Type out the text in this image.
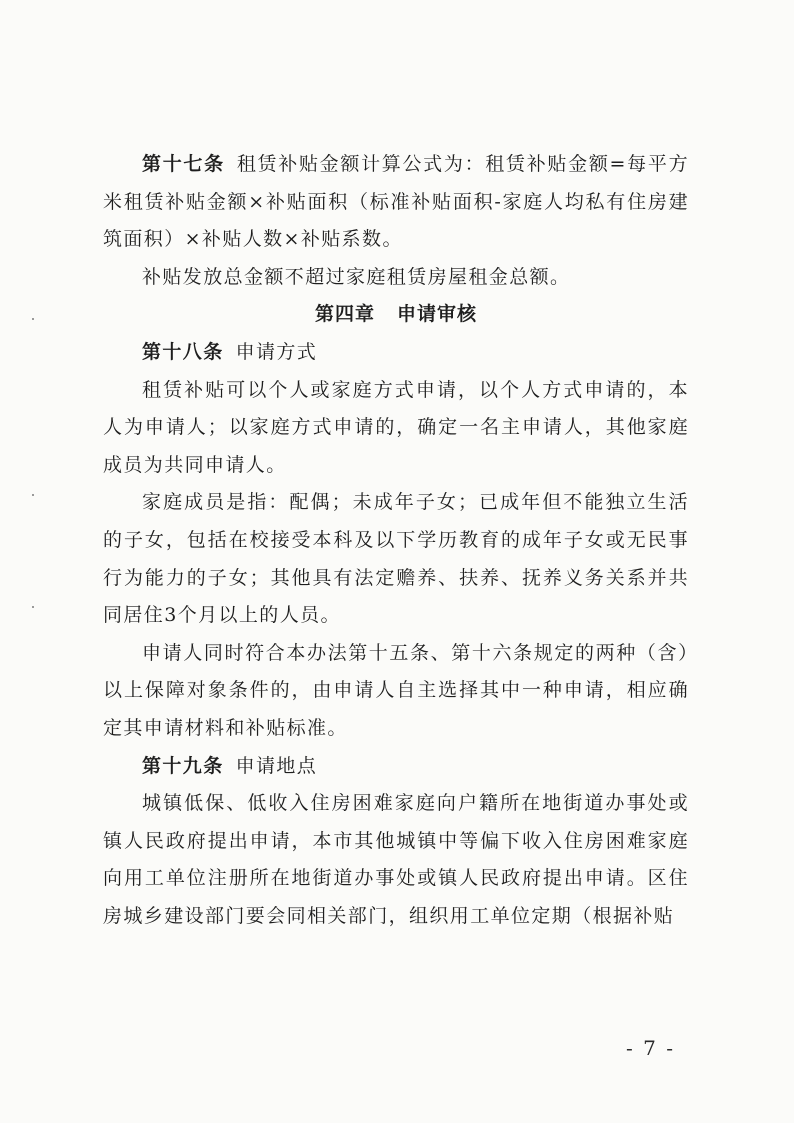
第十七条 租赁补贴金额计算公式为：租赁补贴金额=每平方米租赁补贴金额×补贴面积（标准补贴面积-家庭人均私有住房建筑面积）×补贴人数×补贴系数。

补贴发放总金额不超过家庭租赁房屋租金总额。

第四章 申请审核

第十八条 申请方式

租赁补贴可以个人或家庭方式申请，以个人方式申请的，本人为申请人；以家庭方式申请的，确定一名主申请人，其他家庭成员为共同申请人。

家庭成员是指：配偶；未成年子女；已成年但不能独立生活的子女，包括在校接受本科及以下学历教育的成年子女或无民事行为能力的子女；其他具有法定赡养、扶养、抚养义务关系并共同居住3个月以上的人员。

申请人同时符合本办法第十五条、第十六条规定的两种（含）以上保障对象条件的，由申请人自主选择其中一种申请，相应确定其申请材料和补贴标准。

第十九条 申请地点

城镇低保、低收入住房困难家庭向户籍所在地街道办事处或镇人民政府提出申请，本市其他城镇中等偏下收入住房困难家庭向用工单位注册所在地街道办事处或镇人民政府提出申请。区住房城乡建设部门要会同相关部门，组织用工单位定期（根据补贴

- 7 -
